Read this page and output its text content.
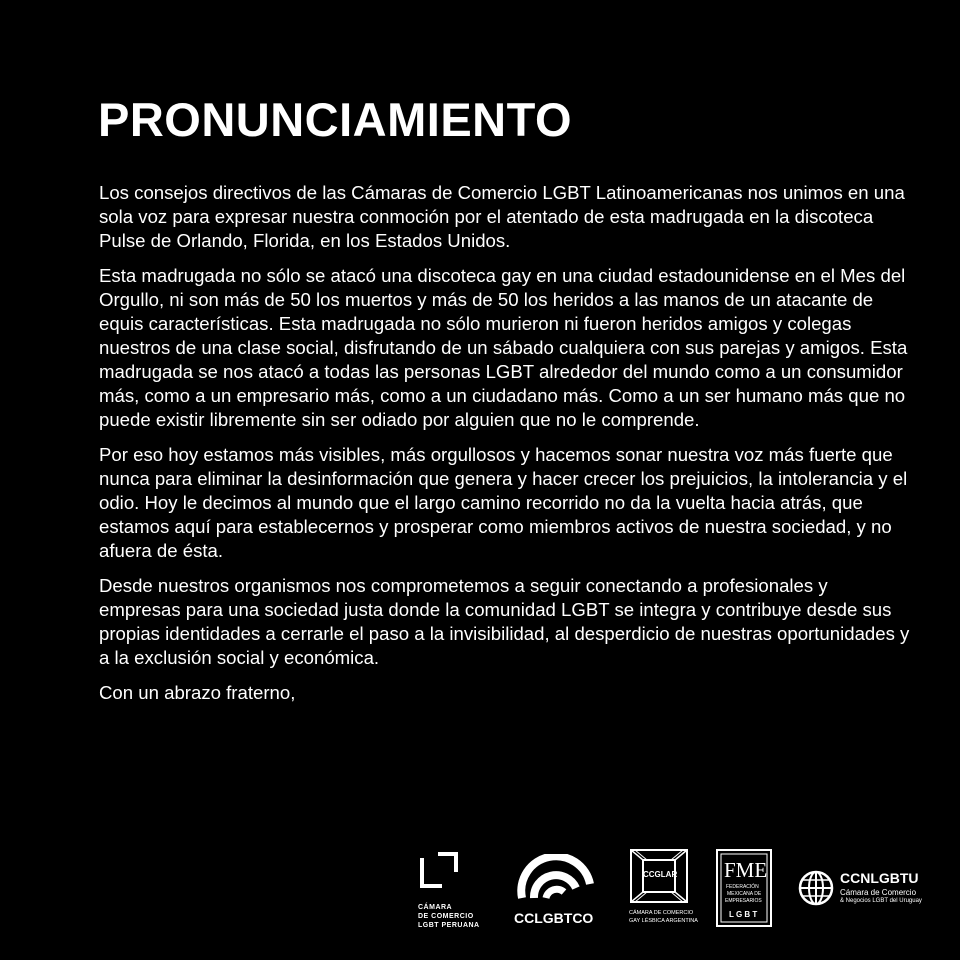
PRONUNCIAMIENTO

Los consejos directivos de las Cámaras de Comercio LGBT Latinoamericanas nos unimos en una sola voz para expresar nuestra conmoción por el atentado de esta madrugada en la discoteca Pulse de Orlando, Florida, en los Estados Unidos.

Esta madrugada no sólo se atacó una discoteca gay en una ciudad estadounidense en el Mes del Orgullo, ni son más de 50 los muertos y más de 50 los heridos a las manos de un atacante de equis características. Esta madrugada no sólo murieron ni fueron heridos amigos y colegas nuestros de una clase social, disfrutando de un sábado cualquiera con sus parejas y amigos. Esta madrugada se nos atacó a todas las personas LGBT alrededor del mundo como a un consumidor más, como a un empresario más, como a un ciudadano más. Como a un ser humano más que no puede existir libremente sin ser odiado por alguien que no le comprende.

Por eso hoy estamos más visibles, más orgullosos y hacemos sonar nuestra voz más fuerte que nunca para eliminar la desinformación que genera y hacer crecer los prejuicios, la intolerancia y el odio. Hoy le decimos al mundo que el largo camino recorrido no da la vuelta hacia atrás, que estamos aquí para establecernos y prosperar como miembros activos de nuestra sociedad, y no afuera de ésta.

Desde nuestros organismos nos comprometemos a seguir conectando a profesionales y empresas para una sociedad justa donde la comunidad LGBT se integra y contribuye desde sus propias identidades a cerrarle el paso a la invisibilidad, al desperdicio de nuestras oportunidades y a la exclusión social y económica.

Con un abrazo fraterno,

CÁMARA
DE COMERCIO
LGBT PERUANA CCLGBTCO
CCGLAR
CÁMARA DE COMERCIO
GAY LÉSBICA ARGENTINA
FME
FEDERACIÓN
MEXICANA DE
EMPRESARIOS
L G B T
CCNLGBTU
Cámara de Comercio
& Negocios LGBT del Uruguay
